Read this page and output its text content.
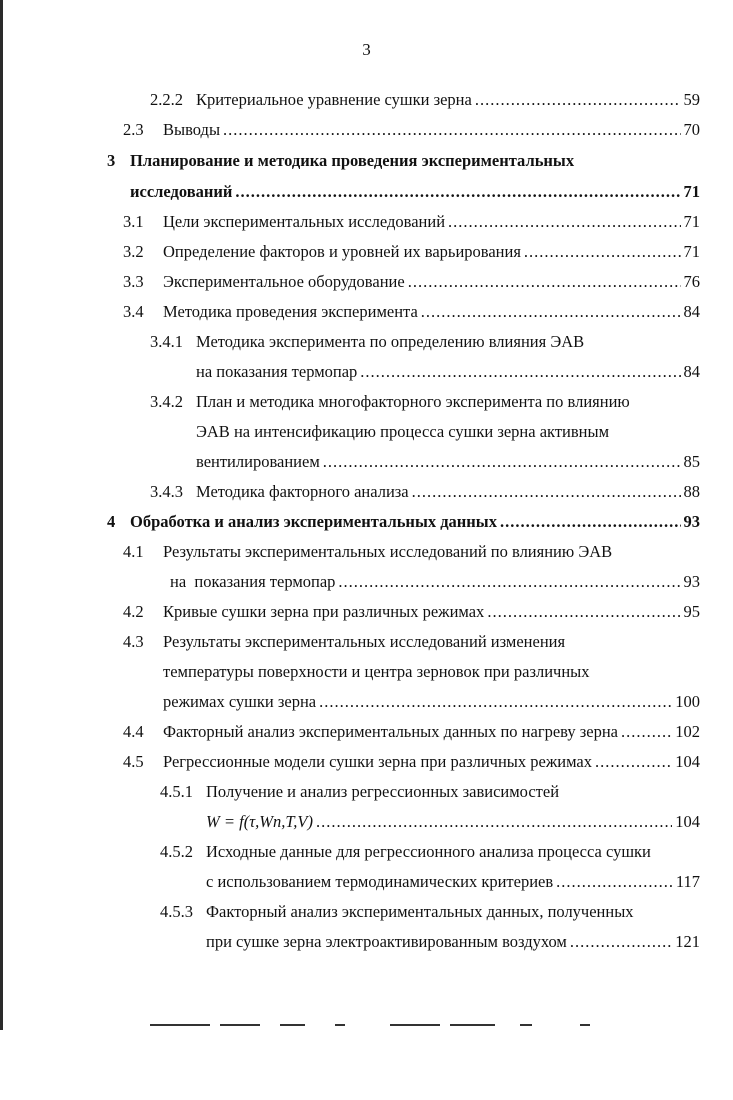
3
2.2.2 Критериальное уравнение сушки зерна .....	59
2.3	Выводы .....	70
3 Планирование и методика проведения экспериментальных
исследований .....	71
3.1	Цели экспериментальных исследований .....	71
3.2	Определение факторов и уровней их варьирования .....	71
3.3	Экспериментальное оборудование .....	76
3.4	Методика проведения эксперимента .....	84
3.4.1 Методика эксперимента по определению влияния ЭАВ
на показания термопар .....	84
3.4.2 План и методика многофакторного эксперимента по влиянию
ЭАВ на интенсификацию процесса сушки зерна активным
вентилированием .....	85
3.4.3 Методика факторного анализа .....	88
4 Обработка и анализ экспериментальных данных .....	93
4.1	Результаты экспериментальных исследований по влиянию ЭАВ
на  показания термопар .....	93
4.2	Кривые сушки зерна при различных режимах .....	95
4.3	Результаты экспериментальных исследований изменения
температуры поверхности и центра зерновок при различных
режимах сушки зерна .....	100
4.4	Факторный анализ экспериментальных данных по нагреву зерна .....	102
4.5	Регрессионные модели сушки зерна при различных режимах .....	104
4.5.1 Получение и анализ регрессионных зависимостей
W = f(τ,Wn,T,V) .....	104
4.5.2 Исходные данные для регрессионного анализа процесса сушки
с использованием термодинамических критериев .....	117
4.5.3 Факторный анализ экспериментальных данных, полученных
при сушке зерна электроактивированным воздухом .....	121
